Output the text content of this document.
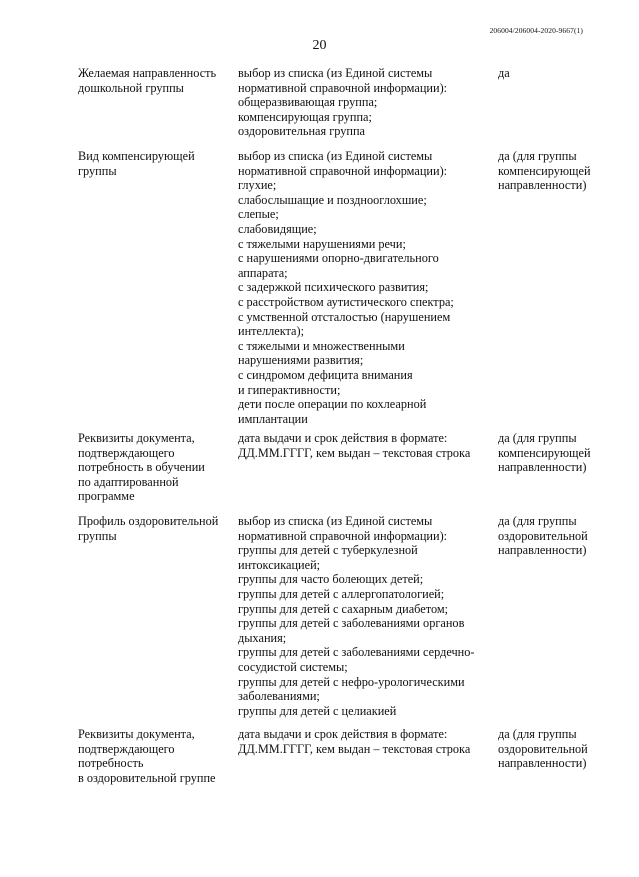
206004/206004-2020-9667(1)
20
Желаемая направленность
дошкольной группы
выбор из списка (из Единой системы
нормативной справочной информации):
общеразвивающая группа;
компенсирующая группа;
оздоровительная группа
да
Вид компенсирующей
группы
выбор из списка (из Единой системы
нормативной справочной информации):
глухие;
слабослышащие и позднооглохшие;
слепые;
слабовидящие;
с тяжелыми нарушениями речи;
с нарушениями опорно-двигательного
аппарата;
с задержкой психического развития;
с расстройством аутистического спектра;
с умственной отсталостью (нарушением
интеллекта);
с тяжелыми и множественными
нарушениями развития;
с синдромом дефицита внимания
и гиперактивности;
дети после операции по кохлеарной
имплантации
да (для группы
компенсирующей
направленности)
Реквизиты документа,
подтверждающего
потребность в обучении
по адаптированной
программе
дата выдачи и срок действия в формате:
ДД.ММ.ГГГГ, кем выдан – текстовая строка
да (для группы
компенсирующей
направленности)
Профиль оздоровительной
группы
выбор из списка (из Единой системы
нормативной справочной информации):
группы для детей с туберкулезной
интоксикацией;
группы для часто болеющих детей;
группы для детей с аллергопатологией;
группы для детей с сахарным диабетом;
группы для детей с заболеваниями органов
дыхания;
группы для детей с заболеваниями сердечно-
сосудистой системы;
группы для детей с нефро-урологическими
заболеваниями;
группы для детей с целиакией
да (для группы
оздоровительной
направленности)
Реквизиты документа,
подтверждающего
потребность
в оздоровительной группе
дата выдачи и срок действия в формате:
ДД.ММ.ГГГГ, кем выдан – текстовая строка
да (для группы
оздоровительной
направленности)
